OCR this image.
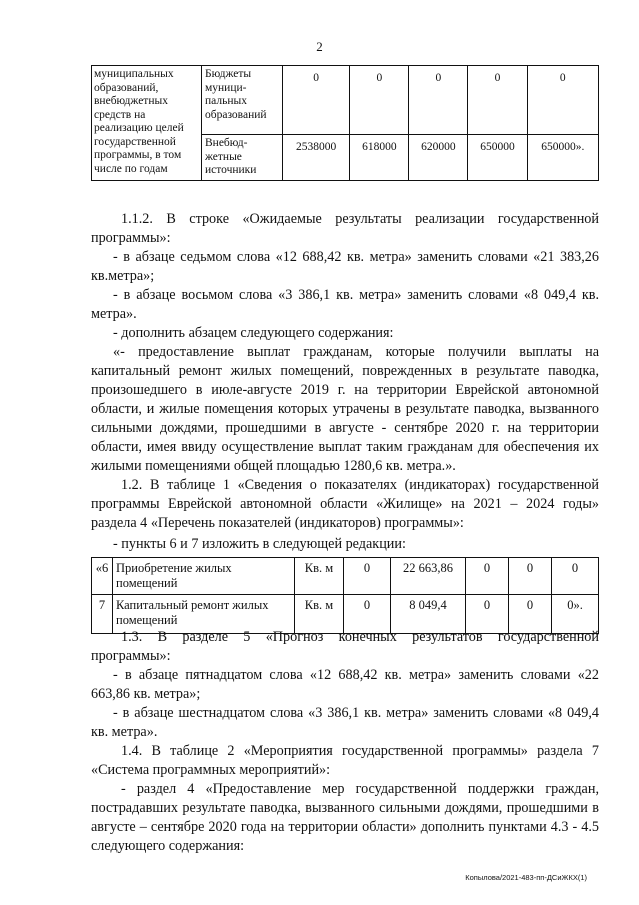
2
муниципальных образований, внебюджетных средств на реализацию целей государственной программы, в том числе по годам	Бюджеты муници-пальных образований	0	0	0	0	0
	Внебюд-жетные источники	2538000	618000	620000	650000	650000».

1.1.2. В строке «Ожидаемые результаты реализации государственной программы»:

- в абзаце седьмом слова «12 688,42 кв. метра» заменить словами «21 383,26 кв.метра»;

- в абзаце восьмом слова «3 386,1 кв. метра» заменить словами «8 049,4 кв. метра».

- дополнить абзацем следующего содержания:

«- предоставление выплат гражданам, которые получили выплаты на капитальный ремонт жилых помещений, поврежденных в результате паводка, произошедшего в июле-августе 2019 г. на территории Еврейской автономной области, и жилые помещения которых утрачены в результате паводка, вызванного сильными дождями, прошедшими в августе - сентябре 2020 г. на территории области, имея ввиду осуществление выплат таким гражданам для обеспечения их жилыми помещениями общей площадью 1280,6 кв. метра.».

1.2. В таблице 1 «Сведения о показателях (индикаторах) государственной программы Еврейской автономной области «Жилище» на 2021 – 2024 годы» раздела 4 «Перечень показателей (индикаторов) программы»:

- пункты 6 и 7 изложить в следующей редакции:

«6	Приобретение жилых помещений	Кв. м	0	22 663,86	0	0	0
7	Капитальный ремонт жилых помещений	Кв. м	0	8 049,4	0	0	0».

1.3. В разделе 5 «Прогноз конечных результатов государственной программы»:

- в абзаце пятнадцатом слова «12 688,42 кв. метра» заменить словами «22 663,86 кв. метра»;

- в абзаце шестнадцатом слова «3 386,1 кв. метра» заменить словами «8 049,4 кв. метра».

1.4. В таблице 2 «Мероприятия государственной программы» раздела 7 «Система программных мероприятий»:

- раздел 4 «Предоставление мер государственной поддержки граждан, пострадавших результате паводка, вызванного сильными дождями, прошедшими в августе – сентябре 2020 года на территории области» дополнить пунктами 4.3 - 4.5 следующего содержания:

Копылова/2021-483-пп-ДСиЖКХ(1)
